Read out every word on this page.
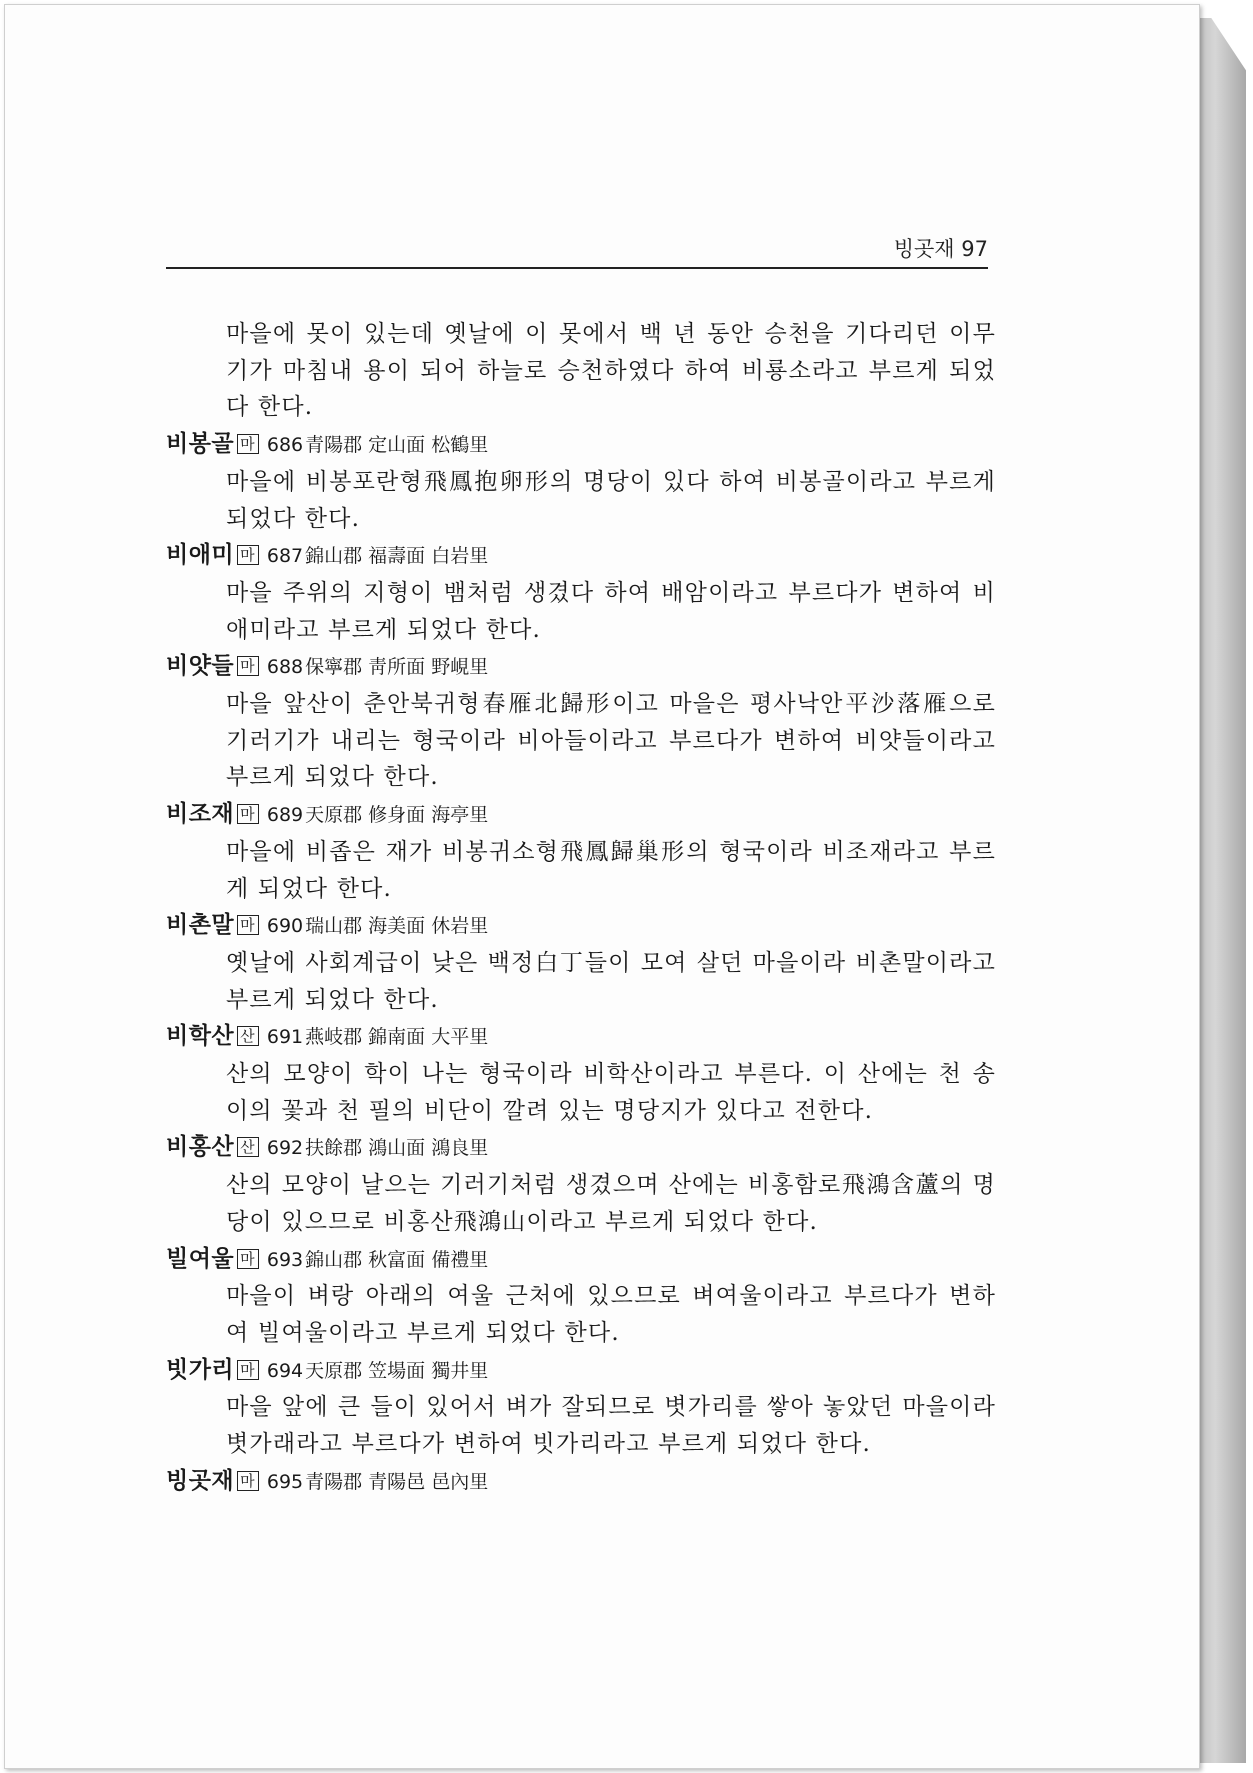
빙곳재 97

마을에 못이 있는데 옛날에 이 못에서 백 년 동안 승천을 기다리던 이무기가 마침내 용이 되어 하늘로 승천하였다 하여 비룡소라고 부르게 되었다 한다.

비봉골 마 686 青陽郡 定山面 松鶴里

마을에 비봉포란형飛鳳抱卵形의 명당이 있다 하여 비봉골이라고 부르게 되었다 한다.

비애미 마 687 錦山郡 福壽面 白岩里

마을 주위의 지형이 뱀처럼 생겼다 하여 배암이라고 부르다가 변하여 비애미라고 부르게 되었다 한다.

비얏들 마 688 保寧郡 靑所面 野峴里

마을 앞산이 춘안북귀형春雁北歸形이고 마을은 평사낙안平沙落雁으로 기러기가 내리는 형국이라 비아들이라고 부르다가 변하여 비얏들이라고 부르게 되었다 한다.

비조재 마 689 天原郡 修身面 海亭里

마을에 비좁은 재가 비봉귀소형飛鳳歸巢形의 형국이라 비조재라고 부르게 되었다 한다.

비촌말 마 690 瑞山郡 海美面 休岩里

옛날에 사회계급이 낮은 백정白丁들이 모여 살던 마을이라 비촌말이라고 부르게 되었다 한다.

비학산 산 691 燕岐郡 錦南面 大平里

산의 모양이 학이 나는 형국이라 비학산이라고 부른다. 이 산에는 천 송이의 꽃과 천 필의 비단이 깔려 있는 명당지가 있다고 전한다.

비홍산 산 692 扶餘郡 鴻山面 鴻良里

산의 모양이 날으는 기러기처럼 생겼으며 산에는 비홍함로飛鴻含蘆의 명당이 있으므로 비홍산飛鴻山이라고 부르게 되었다 한다.

빌여울 마 693 錦山郡 秋富面 備禮里

마을이 벼랑 아래의 여울 근처에 있으므로 벼여울이라고 부르다가 변하여 빌여울이라고 부르게 되었다 한다.

빗가리 마 694 天原郡 笠場面 獨井里

마을 앞에 큰 들이 있어서 벼가 잘되므로 볏가리를 쌓아 놓았던 마을이라 볏가래라고 부르다가 변하여 빗가리라고 부르게 되었다 한다.

빙곳재 마 695 青陽郡 青陽邑 邑內里
